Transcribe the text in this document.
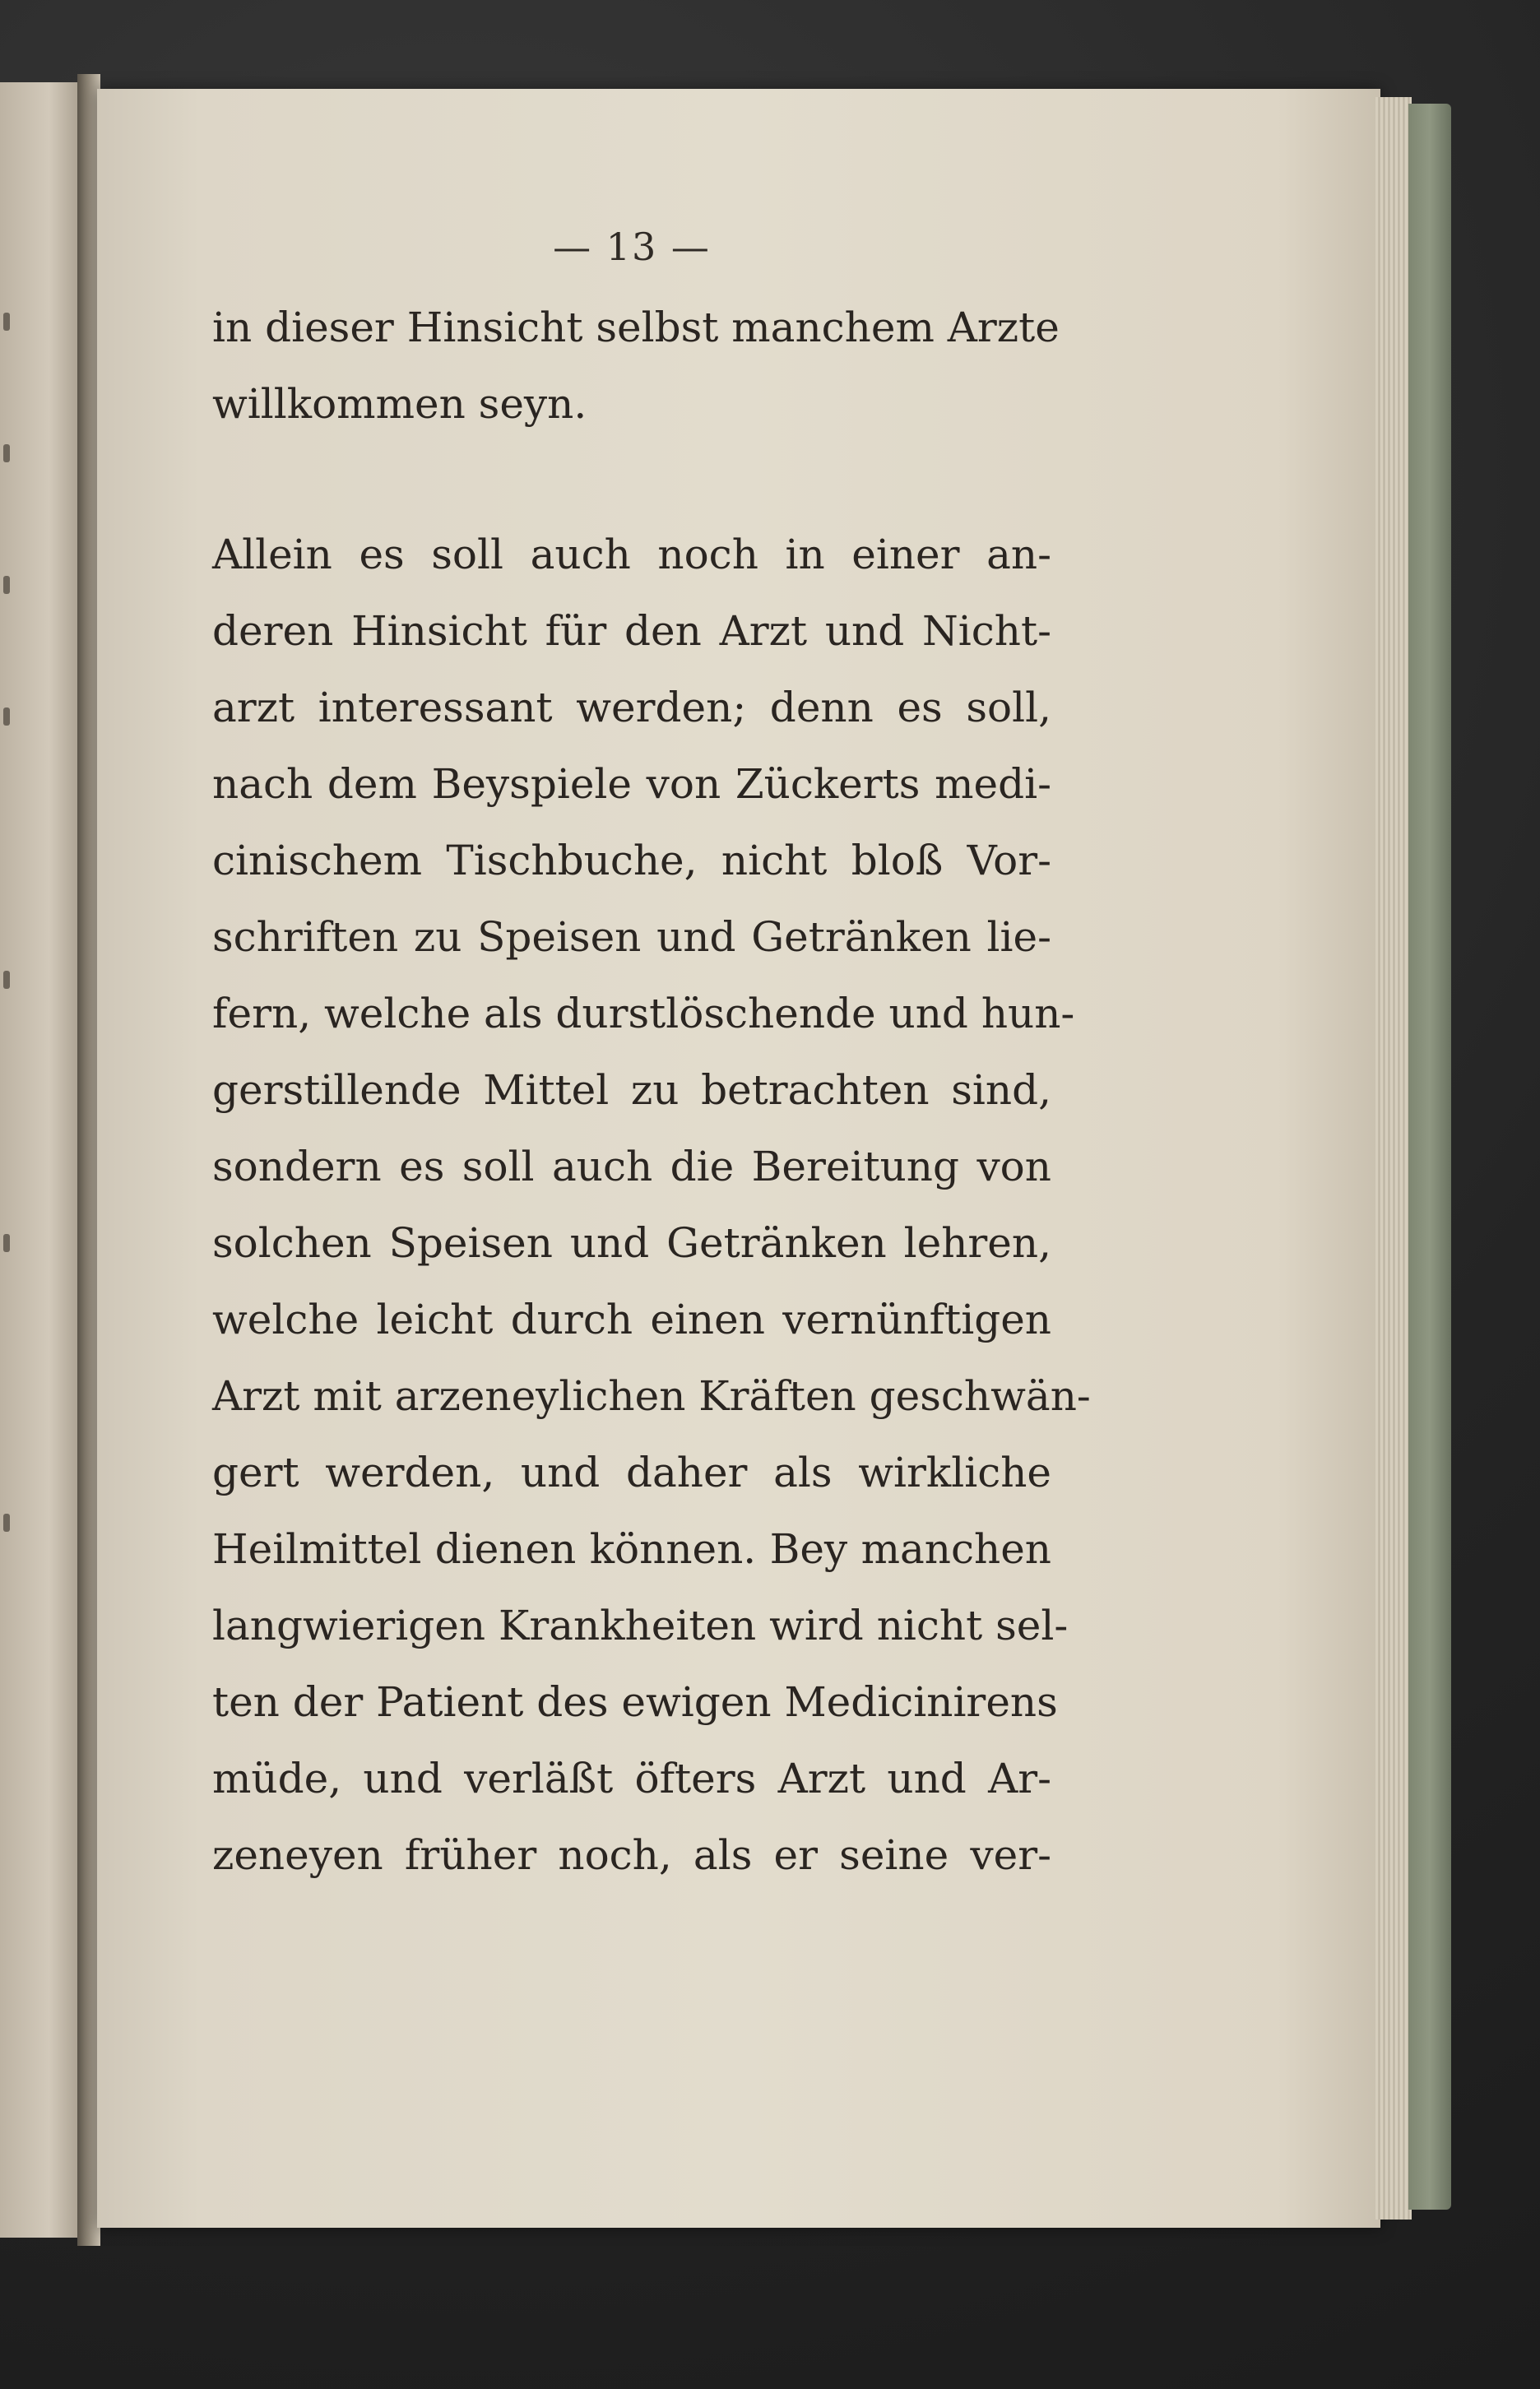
— 13 —
in dieser Hinsicht selbst manchem Arzte
willkommen seyn.
Allein es soll auch noch in einer an-
deren Hinsicht für den Arzt und Nicht-
arzt interessant werden; denn es soll,
nach dem Beyspiele von Zückerts medi-
cinischem Tischbuche, nicht bloß Vor-
schriften zu Speisen und Getränken lie-
fern, welche als durstlöschende und hun-
gerstillende Mittel zu betrachten sind,
sondern es soll auch die Bereitung von
solchen Speisen und Getränken lehren,
welche leicht durch einen vernünftigen
Arzt mit arzeneylichen Kräften geschwän-
gert werden, und daher als wirkliche
Heilmittel dienen können. Bey manchen
langwierigen Krankheiten wird nicht sel-
ten der Patient des ewigen Medicinirens
müde, und verläßt öfters Arzt und Ar-
zeneyen früher noch, als er seine ver-
